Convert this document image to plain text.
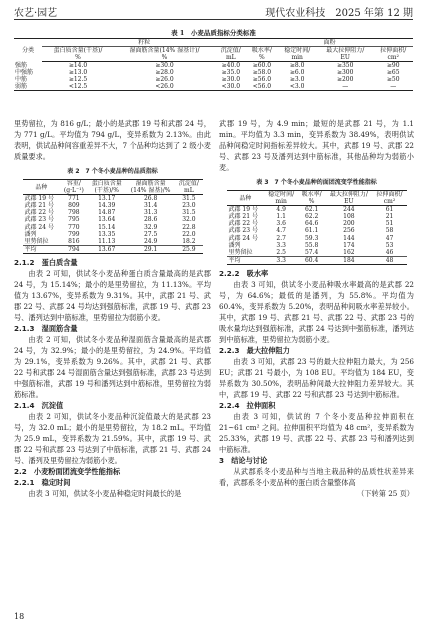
农艺·园艺	现代农业科技　2025 年第 12 期
表 1　小麦品质指标分类标准
分类	籽粒			面粉			
	蛋白质含量(干基)/
%	湿面筋含量(14% 湿基计)/
%	沉淀值/
mL	吸水率/
%	稳定时间/
min	最大拉伸阻力/
EU	拉伸面积/
cm²
强筋	≥14.0	≥30.0	≥40.0	≥60.0	≥8.0	≥350	≥90
中强筋	≥13.0	≥28.0	≥35.0	≥58.0	≥6.0	≥300	≥65
中筋	≥12.5	≥26.0	≥30.0	≥56.0	≥3.0	≥200	≥50
弱筋	<12.5	<26.0	<30.0	<56.0	<3.0	—	—

里势留拉，为 816 g/L；最小的是武郡 19 号和武郡 24 号，为 771 g/L。平均值为 794 g/L，变异系数为 2.13%。由此表明，供试品种间容重差异不大，7 个品种均达到了 2 级小麦质量要求。

表 2　7 个冬小麦品种的品质指标
品种	容重/
(g·L⁻¹)	蛋白质含量
(干基)/%	湿面筋含量
(14% 湿基)/%	沉淀值/
mL
武郡 19 号	771	13.17	26.8	31.5
武郡 21 号	809	14.39	31.4	23.0
武郡 22 号	798	14.87	31.3	31.5
武郡 23 号	795	13.64	28.6	32.0
武郡 24 号	770	15.14	32.9	22.8
潘列	799	13.35	27.5	22.0
里势留拉	816	11.13	24.9	18.2
平均	794	13.67	29.1	25.9

2.1.2　蛋白质含量

由表 2 可知，供试冬小麦品种蛋白质含量最高的是武郡 24 号，为 15.14%；最小的是里势留拉，为 11.13%。平均值为 13.67%，变异系数为 9.31%。其中，武郡 21 号、武郡 22 号、武郡 24 号均达到强筋标准，武郡 19 号、武郡 23 号、潘列达到中筋标准，里势留拉为弱筋小麦。

2.1.3　湿面筋含量

由表 2 可知，供试冬小麦品种湿面筋含量最高的是武郡 24 号，为 32.9%；最小的是里势留拉，为 24.9%。平均值为 29.1%，变异系数为 9.26%。其中，武郡 21 号、武郡 22 号和武郡 24 号湿面筋含量达到强筋标准，武郡 23 号达到中强筋标准，武郡 19 号和潘列达到中筋标准，里势留拉为弱筋标准。

2.1.4　沉淀值

由表 2 可知，供试冬小麦品种沉淀值最大的是武郡 23 号，为 32.0 mL；最小的是里势留拉，为 18.2 mL。平均值为 25.9 mL，变异系数为 21.59%。其中，武郡 19 号、武郡 22 号和武郡 23 号达到了中筋标准，武郡 21 号、武郡 24 号、潘列及里势留拉为弱筋小麦。

2.2　小麦粉面团流变学性能指标

2.2.1　稳定时间

由表 3 可知，供试冬小麦品种稳定时间最长的是

武郡 19 号，为 4.9 min；最短的是武郡 21 号，为 1.1 min。平均值为 3.3 min，变异系数为 38.49%，表明供试品种间稳定时间指标差异较大。其中，武郡 19 号、武郡 22 号、武郡 23 号及潘列达到中筋标准，其他品种均为弱筋小麦。

表 3　7 个冬小麦品种的面团流变学性能指标
品种	稳定时间/
min	吸水率/
%	最大拉伸阻力/
EU	拉伸面积/
cm²
武郡 19 号	4.9	62.1	244	61
武郡 21 号	1.1	62.2	108	21
武郡 22 号	3.6	64.6	200	51
武郡 23 号	4.7	61.1	256	58
武郡 24 号	2.7	59.3	144	47
潘列	3.3	55.8	174	53
里势留拉	2.5	57.4	162	46
平均	3.3	60.4	184	48

2.2.2　吸水率

由表 3 可知，供试冬小麦品种吸水率最高的是武郡 22 号，为 64.6%；最低的是潘列，为 55.8%。平均值为 60.4%，变异系数为 5.20%，表明品种间吸水率差异较小。其中，武郡 19 号、武郡 21 号、武郡 22 号、武郡 23 号的吸水量均达到强筋标准，武郡 24 号达到中强筋标准，潘列达到中筋标准，里势留拉为弱筋小麦。

2.2.3　最大拉伸阻力

由表 3 可知，武郡 23 号的最大拉伸阻力最大，为 256 EU；武郡 21 号最小，为 108 EU。平均值为 184 EU，变异系数为 30.50%，表明品种间最大拉伸阻力差异较大。其中，武郡 19 号、武郡 22 号和武郡 23 号达到中筋标准。

2.2.4　拉伸面积

由表 3 可知，供试的 7 个冬小麦品种拉伸面积在 21~61 cm² 之间。拉伸面积平均值为 48 cm²，变异系数为 25.33%，武郡 19 号、武郡 22 号、武郡 23 号和潘列达到中筋标准。

3　结论与讨论

从武郡系冬小麦品种与当地主栽品种的品质性状差异来看，武郡系冬小麦品种的蛋白质含量整体高

（下转第 25 页）

18
